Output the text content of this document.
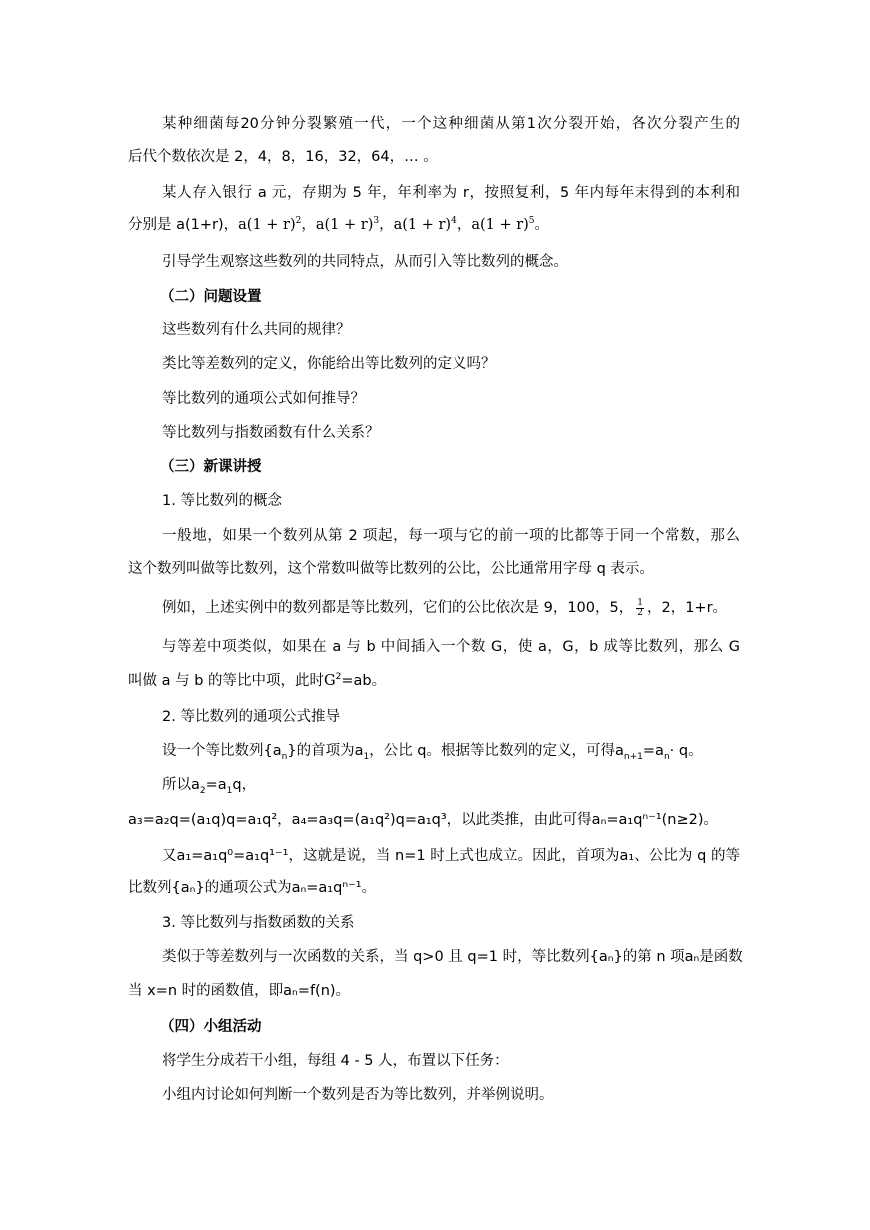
某种细菌每20分钟分裂繁殖一代，一个这种细菌从第1次分裂开始，各次分裂产生的
后代个数依次是 2，4，8，16，32，64，… 。
某人存入银行 a 元，存期为 5 年，年利率为 r，按照复利，5 年内每年末得到的本利和
分别是 a(1+r)，$a(1 + r)^2$，$a(1 + r)^3$，$a(1 + r)^4$，$a(1 + r)^5$。
引导学生观察这些数列的共同特点，从而引入等比数列的概念。
（二）问题设置
这些数列有什么共同的规律？
类比等差数列的定义，你能给出等比数列的定义吗？
等比数列的通项公式如何推导？
等比数列与指数函数有什么关系？
（三）新课讲授
1. 等比数列的概念
一般地，如果一个数列从第 2 项起，每一项与它的前一项的比都等于同一个常数，那么
这个数列叫做等比数列，这个常数叫做等比数列的公比，公比通常用字母 q 表示。
例如，上述实例中的数列都是等比数列，它们的公比依次是 9，100，5， $\frac{1}{2}$ ，2，1+r。
与等差中项类似，如果在 a 与 b 中间插入一个数 G，使 a，G，b 成等比数列，那么 G
叫做 a 与 b 的等比中项，此时$G^2=ab$。
2. 等比数列的通项公式推导
设一个等比数列$\{a_n\}$的首项为$a_1$，公比 q。根据等比数列的定义，可得$a_{n+1}=a_n\cdot q$。
所以$a_2=a_1q$，
a₃=a₂q=(a₁q)q=a₁q²，a₄=a₃q=(a₁q²)q=a₁q³，以此类推，由此可得aₙ=a₁qⁿ⁻¹(n≥2)。
又a₁=a₁q⁰=a₁q¹⁻¹，这就是说，当 n=1 时上式也成立。因此，首项为a₁、公比为 q 的等
比数列{aₙ}的通项公式为aₙ=a₁qⁿ⁻¹。
3. 等比数列与指数函数的关系
类似于等差数列与一次函数的关系，当 q>0 且 q=1 时，等比数列{aₙ}的第 n 项aₙ是函数
当 x=n 时的函数值，即aₙ=f(n)。
（四）小组活动
将学生分成若干小组，每组 4 - 5 人，布置以下任务：
小组内讨论如何判断一个数列是否为等比数列，并举例说明。
